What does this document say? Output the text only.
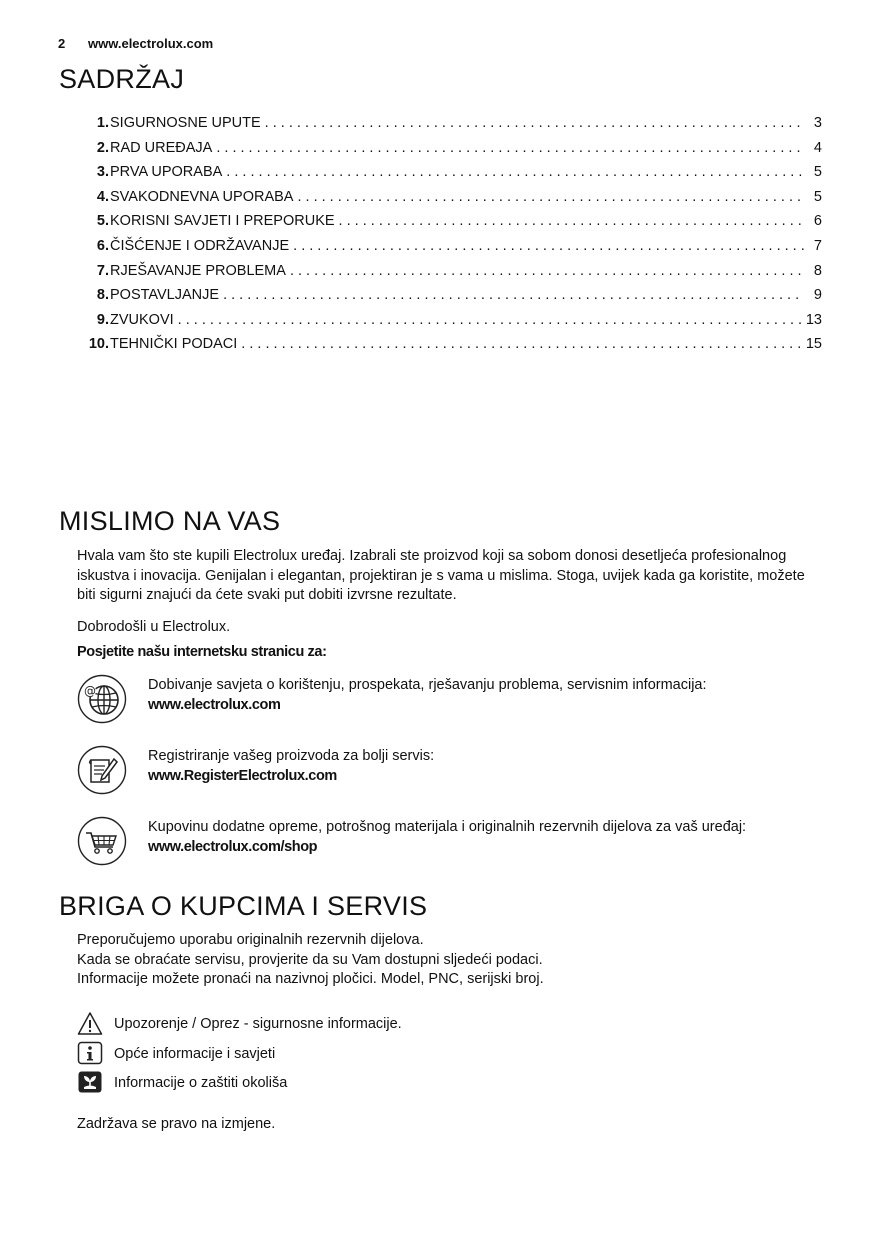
2 www.electrolux.com
SADRŽAJ
1. SIGURNOSNE UPUTE . . .	3
2. RAD UREĐAJA . . .	4
3. PRVA UPORABA . . .	5
4. SVAKODNEVNA UPORABA . . .	5
5. KORISNI SAVJETI I PREPORUKE . . .	6
6. ČIŠĆENJE I ODRŽAVANJE . . .	7
7. RJEŠAVANJE PROBLEMA . . .	8
8. POSTAVLJANJE . . .	9
9. ZVUKOVI . . .	13
10. TEHNIČKI PODACI . . .	15
MISLIMO NA VAS
Hvala vam što ste kupili Electrolux uređaj. Izabrali ste proizvod koji sa sobom donosi desetljeća profesionalnog
iskustva i inovacija. Genijalan i elegantan, projektiran je s vama u mislima. Stoga, uvijek kada ga koristite, možete
biti sigurni znajući da ćete svaki put dobiti izvrsne rezultate.
Dobrodošli u Electrolux.
Posjetite našu internetsku stranicu za:
@	Dobivanje savjeta o korištenju, prospekata, rješavanju problema, servisnim informacija:
www.electrolux.com
Registriranje vašeg proizvoda za bolji servis:
www.RegisterElectrolux.com
Kupovinu dodatne opreme, potrošnog materijala i originalnih rezervnih dijelova za vaš uređaj:
www.electrolux.com/shop
BRIGA O KUPCIMA I SERVIS
Preporučujemo uporabu originalnih rezervnih dijelova.
Kada se obraćate servisu, provjerite da su Vam dostupni sljedeći podaci.
Informacije možete pronaći na nazivnoj pločici. Model, PNC, serijski broj.
Upozorenje / Oprez - sigurnosne informacije.
Opće informacije i savjeti
Informacije o zaštiti okoliša
Zadržava se pravo na izmjene.
